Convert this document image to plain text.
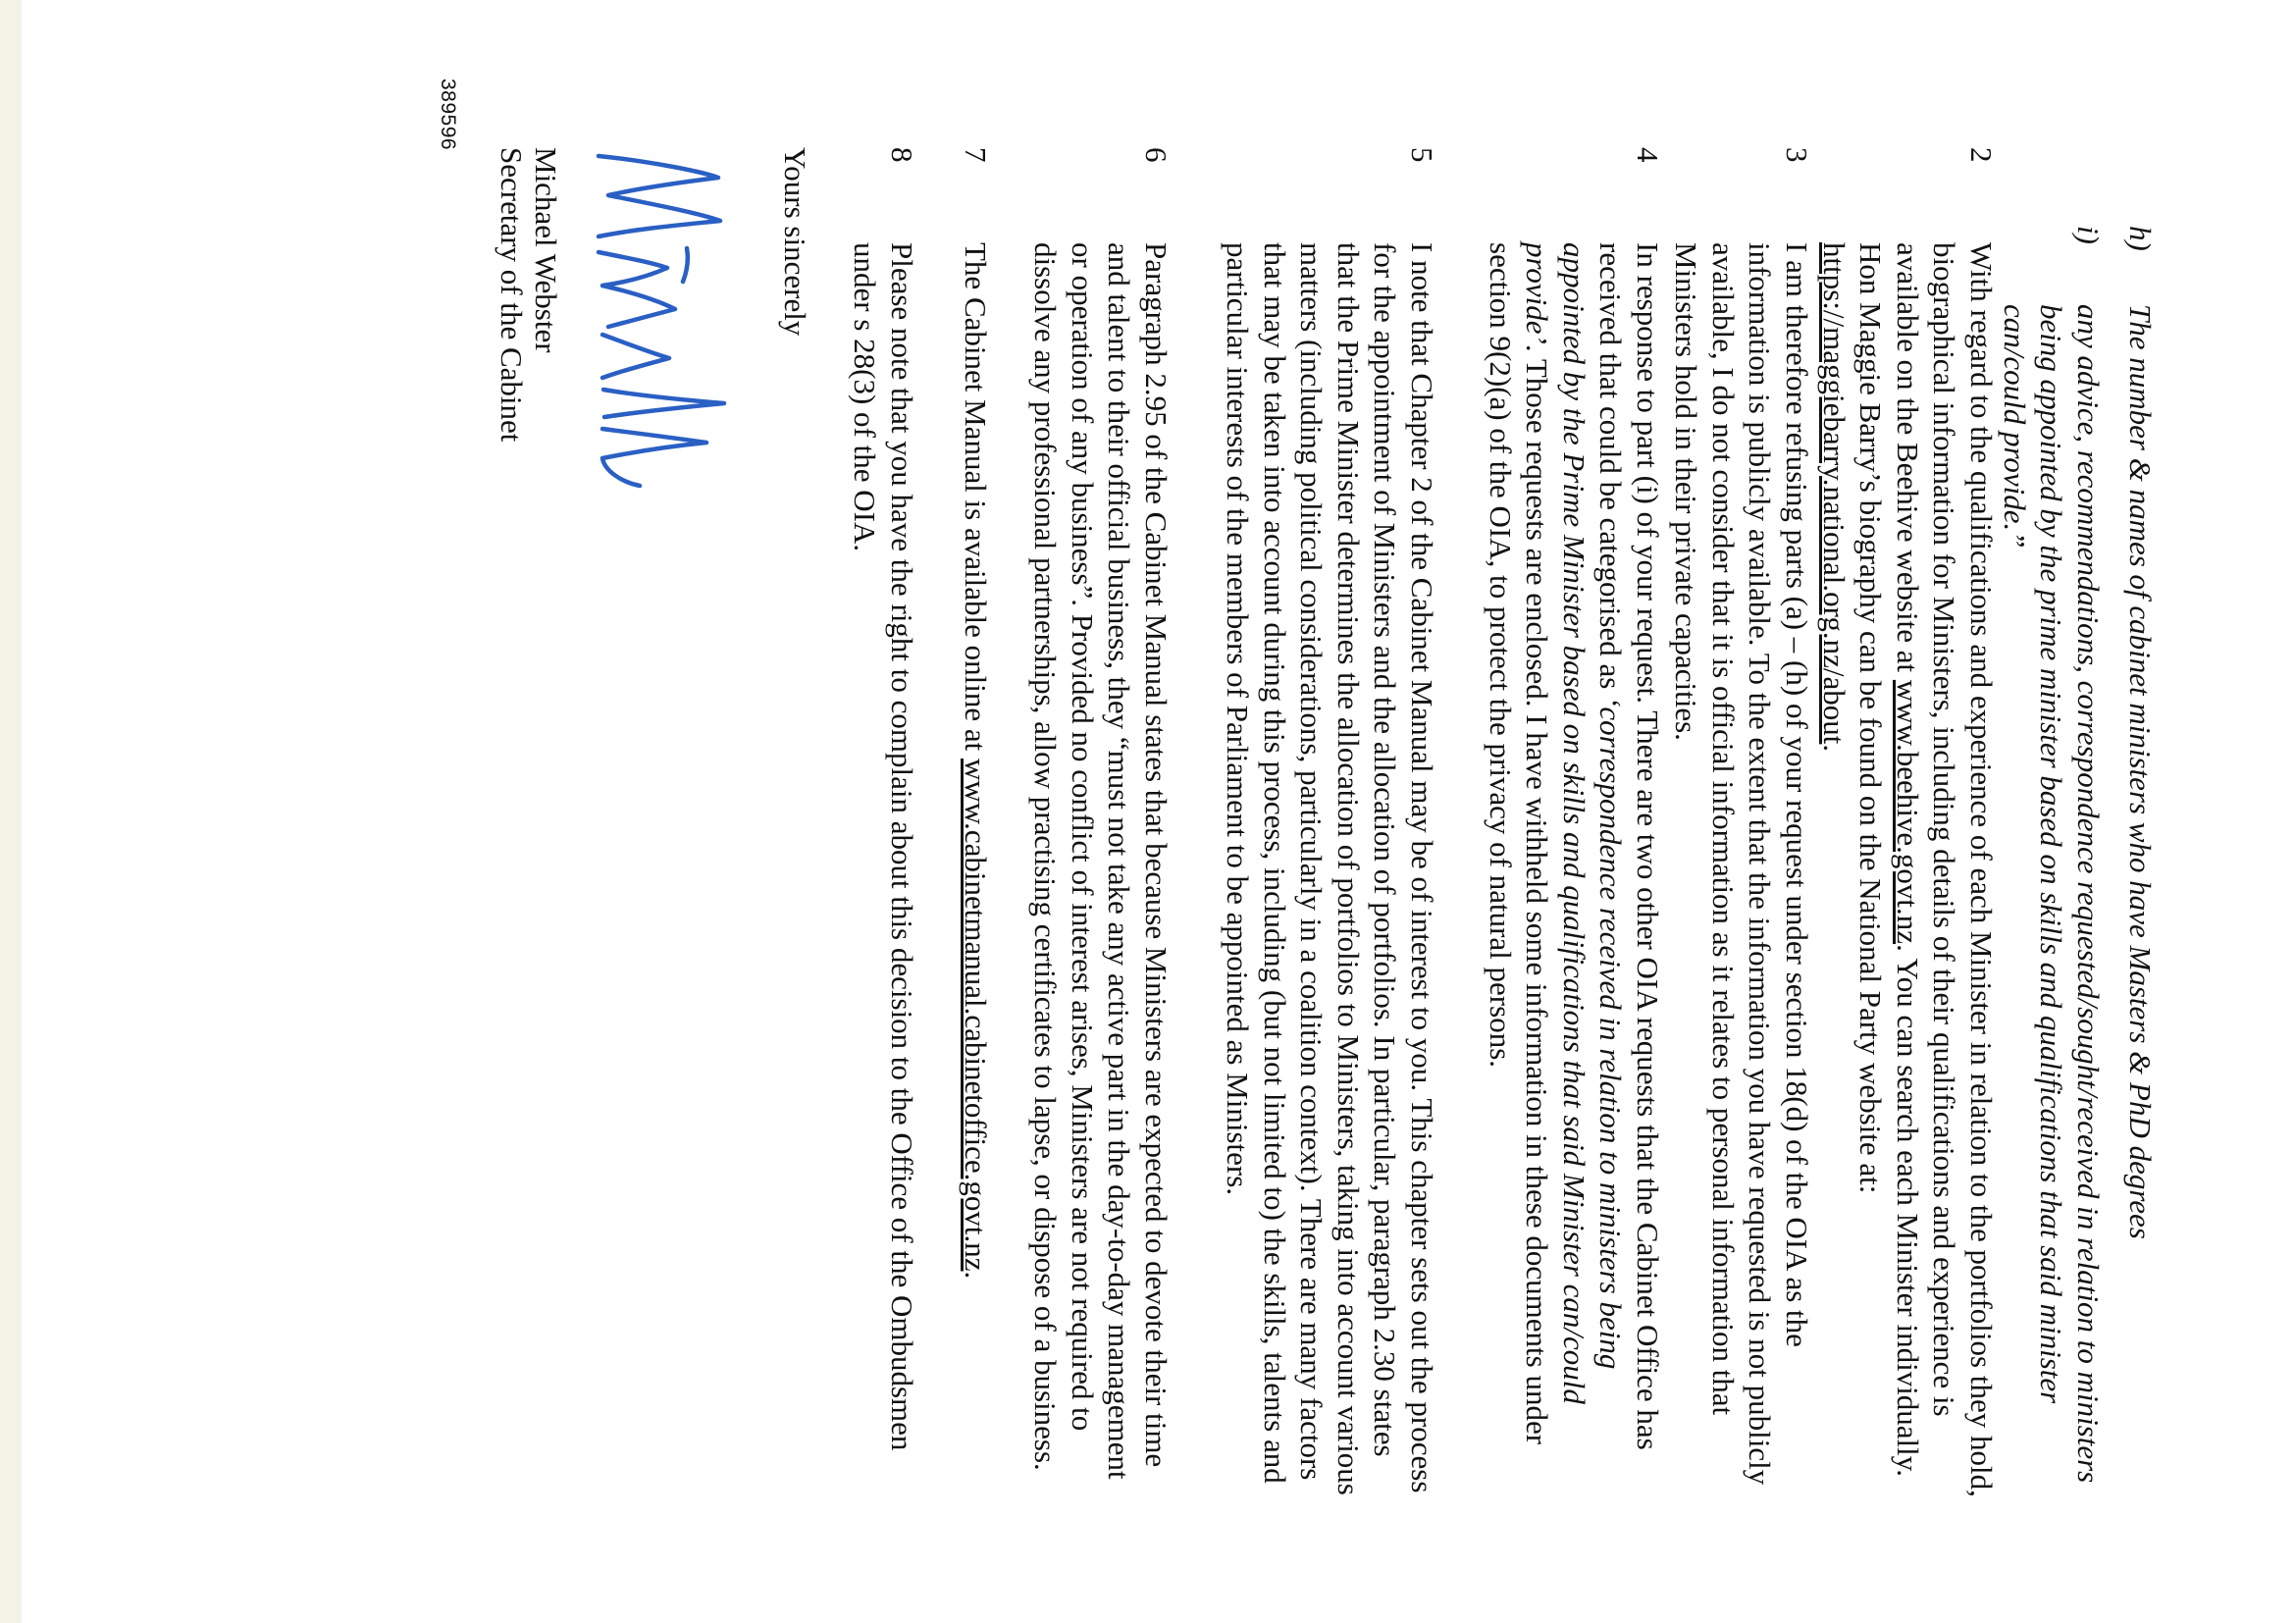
h)
The number & names of cabinet ministers who have Masters & PhD degrees
i)
any advice, recommendations, correspondence requested/sought/received in relation to ministers being appointed by the prime minister based on skills and qualifications that said minister can/could provide.”
2
With regard to the qualifications and experience of each Minister in relation to the portfolios they hold, biographical information for Ministers, including details of their qualifications and experience is available on the Beehive website at www.beehive.govt.nz. You can search each Minister individually. Hon Maggie Barry’s biography can be found on the National Party website at: https://maggiebarry.national.org.nz/about.
3
I am therefore refusing parts (a) – (h) of your request under section 18(d) of the OIA as the information is publicly available. To the extent that the information you have requested is not publicly available, I do not consider that it is official information as it relates to personal information that Ministers hold in their private capacities.
4
In response to part (i) of your request. There are two other OIA requests that the Cabinet Office has received that could be categorised as ‘correspondence received in relation to ministers being appointed by the Prime Minister based on skills and qualifications that said Minister can/could provide’. Those requests are enclosed. I have withheld some information in these documents under section 9(2)(a) of the OIA, to protect the privacy of natural persons.
5
I note that Chapter 2 of the Cabinet Manual may be of interest to you. This chapter sets out the process for the appointment of Ministers and the allocation of portfolios. In particular, paragraph 2.30 states that the Prime Minister determines the allocation of portfolios to Ministers, taking into account various matters (including political considerations, particularly in a coalition context). There are many factors that may be taken into account during this process, including (but not limited to) the skills, talents and particular interests of the members of Parliament to be appointed as Ministers.
6
Paragraph 2.95 of the Cabinet Manual states that because Ministers are expected to devote their time and talent to their official business, they “must not take any active part in the day-to-day management or operation of any business”. Provided no conflict of interest arises, Ministers are not required to dissolve any professional partnerships, allow practising certificates to lapse, or dispose of a business.
7
The Cabinet Manual is available online at www.cabinetmanual.cabinetoffice.govt.nz.
8
Please note that you have the right to complain about this decision to the Office of the Ombudsmen under s 28(3) of the OIA.
Yours sincerely
Michael Webster
Secretary of the Cabinet
389596
